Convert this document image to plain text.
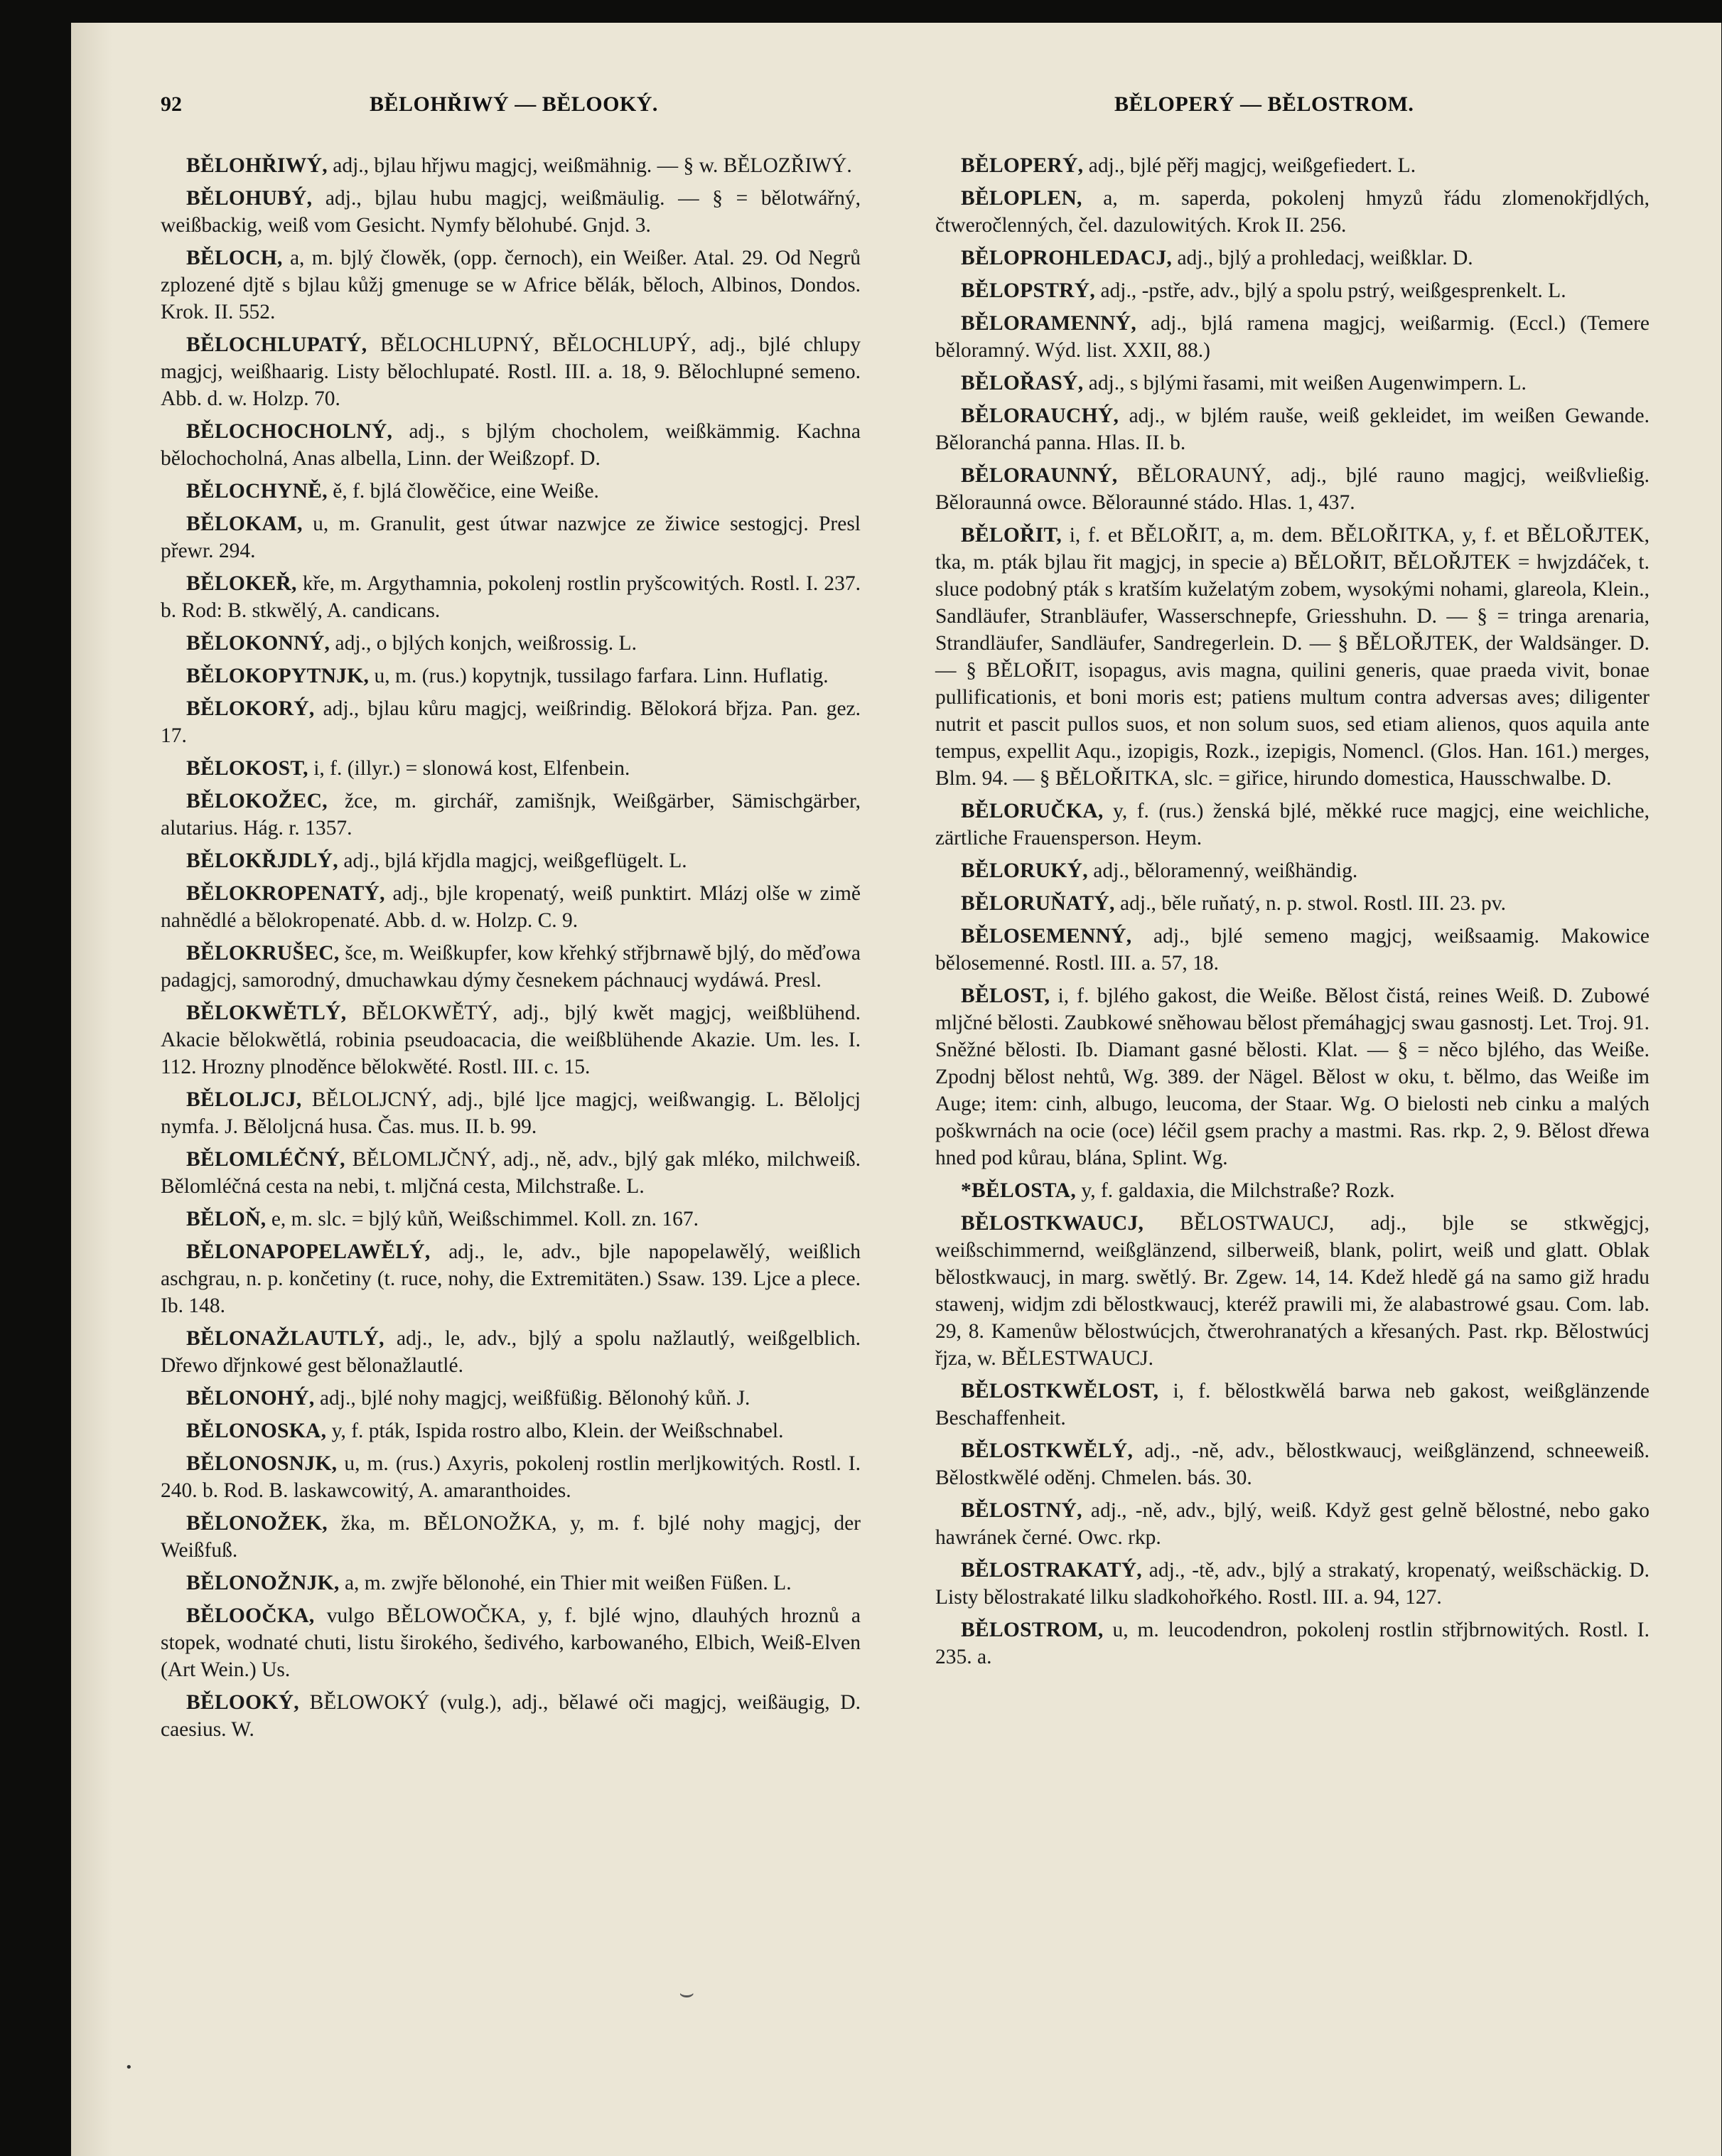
92	BĚLOHŘIWÝ — BĚLOOKÝ.	BĚLOPERÝ — BĚLOSTROM.

BĚLOHŘIWÝ, adj., bjlau hřjwu magjcj, weißmähnig. — § w. BĚLOZŘIWÝ.

BĚLOHUBÝ, adj., bjlau hubu magjcj, weißmäulig. — § = bělotwářný, weißbackig, weiß vom Gesicht. Nymfy bělohubé. Gnjd. 3.

BĚLOCH, a, m. bjlý člowěk, (opp. černoch), ein Weißer. Atal. 29. Od Negrů zplozené djtě s bjlau kůžj gmenuge se w Africe bělák, běloch, Albinos, Dondos. Krok. II. 552.

BĚLOCHLUPATÝ, BĚLOCHLUPNÝ, BĚLOCHLUPÝ, adj., bjlé chlupy magjcj, weißhaarig. Listy bělochlupaté. Rostl. III. a. 18, 9. Bělochlupné semeno. Abb. d. w. Holzp. 70.

BĚLOCHOCHOLNÝ, adj., s bjlým chocholem, weißkämmig. Kachna bělochocholná, Anas albella, Linn. der Weißzopf. D.

BĚLOCHYNĚ, ě, f. bjlá člowěčice, eine Weiße.

BĚLOKAM, u, m. Granulit, gest útwar nazwjce ze žiwice sestogjcj. Presl přewr. 294.

BĚLOKEŘ, kře, m. Argythamnia, pokolenj rostlin pryšcowitých. Rostl. I. 237. b. Rod: B. stkwělý, A. candicans.

BĚLOKONNÝ, adj., o bjlých konjch, weißrossig. L.

BĚLOKOPYTNJK, u, m. (rus.) kopytnjk, tussilago farfara. Linn. Huflatig.

BĚLOKORÝ, adj., bjlau kůru magjcj, weißrindig. Bělokorá břjza. Pan. gez. 17.

BĚLOKOST, i, f. (illyr.) = slonowá kost, Elfenbein.

BĚLOKOŽEC, žce, m. girchář, zamišnjk, Weißgärber, Sämischgärber, alutarius. Hág. r. 1357.

BĚLOKŘJDLÝ, adj., bjlá křjdla magjcj, weißgeflügelt. L.

BĚLOKROPENATÝ, adj., bjle kropenatý, weiß punktirt. Mlázj olše w zimě nahnědlé a bělokropenaté. Abb. d. w. Holzp. C. 9.

BĚLOKRUŠEC, šce, m. Weißkupfer, kow křehký střjbrnawě bjlý, do měďowa padagjcj, samorodný, dmuchawkau dýmy česnekem páchnaucj wydáwá. Presl.

BĚLOKWĚTLÝ, BĚLOKWĚTÝ, adj., bjlý kwět magjcj, weißblühend. Akacie bělokwětlá, robinia pseudoacacia, die weißblühende Akazie. Um. les. I. 112. Hrozny plnoděnce bělokwěté. Rostl. III. c. 15.

BĚLOLJCJ, BĚLOLJCNÝ, adj., bjlé ljce magjcj, weißwangig. L. Běloljcj nymfa. J. Běloljcná husa. Čas. mus. II. b. 99.

BĚLOMLÉČNÝ, BĚLOMLJČNÝ, adj., ně, adv., bjlý gak mléko, milchweiß. Bělomléčná cesta na nebi, t. mljčná cesta, Milchstraße. L.

BĚLOŇ, e, m. slc. = bjlý kůň, Weißschimmel. Koll. zn. 167.

BĚLONAPOPELAWĚLÝ, adj., le, adv., bjle napopelawělý, weißlich aschgrau, n. p. končetiny (t. ruce, nohy, die Extremitäten.) Ssaw. 139. Ljce a plece. Ib. 148.

BĚLONAŽLAUTLÝ, adj., le, adv., bjlý a spolu nažlautlý, weißgelblich. Dřewo dřjnkowé gest bělonažlautlé.

BĚLONOHÝ, adj., bjlé nohy magjcj, weißfüßig. Bělonohý kůň. J.

BĚLONOSKA, y, f. pták, Ispida rostro albo, Klein. der Weißschnabel.

BĚLONOSNJK, u, m. (rus.) Axyris, pokolenj rostlin merljkowitých. Rostl. I. 240. b. Rod. B. laskawcowitý, A. amaranthoides.

BĚLONOŽEK, žka, m. BĚLONOŽKA, y, m. f. bjlé nohy magjcj, der Weißfuß.

BĚLONOŽNJK, a, m. zwjře bělonohé, ein Thier mit weißen Füßen. L.

BĚLOOČKA, vulgo BĚLOWOČKA, y, f. bjlé wjno, dlauhých hroznů a stopek, wodnaté chuti, listu širokého, šedivého, karbowaného, Elbich, Weiß-Elven (Art Wein.) Us.

BĚLOOKÝ, BĚLOWOKÝ (vulg.), adj., bělawé oči magjcj, weißäugig, D. caesius. W.

BĚLOPERÝ, adj., bjlé pěřj magjcj, weißgefiedert. L.

BĚLOPLEN, a, m. saperda, pokolenj hmyzů řádu zlomenokřjdlých, čtweročlenných, čel. dazulowitých. Krok II. 256.

BĚLOPROHLEDACJ, adj., bjlý a prohledacj, weißklar. D.

BĚLOPSTRÝ, adj., -pstře, adv., bjlý a spolu pstrý, weißgesprenkelt. L.

BĚLORAMENNÝ, adj., bjlá ramena magjcj, weißarmig. (Eccl.) (Temere běloramný. Wýd. list. XXII, 88.)

BĚLOŘASÝ, adj., s bjlými řasami, mit weißen Augenwimpern. L.

BĚLORAUCHÝ, adj., w bjlém rauše, weiß gekleidet, im weißen Gewande. Běloranchá panna. Hlas. II. b.

BĚLORAUNNÝ, BĚLORAUNÝ, adj., bjlé rauno magjcj, weißvließig. Běloraunná owce. Běloraunné stádo. Hlas. 1, 437.

BĚLOŘIT, i, f. et BĚLOŘIT, a, m. dem. BĚLOŘITKA, y, f. et BĚLOŘJTEK, tka, m. pták bjlau řit magjcj, in specie a) BĚLOŘIT, BĚLOŘJTEK = hwjzdáček, t. sluce podobný pták s kratším kuželatým zobem, wysokými nohami, glareola, Klein., Sandläufer, Stranbläufer, Wasserschnepfe, Griesshuhn. D. — § = tringa arenaria, Strandläufer, Sandläufer, Sandregerlein. D. — § BĚLOŘJTEK, der Waldsänger. D. — § BĚLOŘIT, isopagus, avis magna, quilini generis, quae praeda vivit, bonae pullificationis, et boni moris est; patiens multum contra adversas aves; diligenter nutrit et pascit pullos suos, et non solum suos, sed etiam alienos, quos aquila ante tempus, expellit Aqu., izopigis, Rozk., izepigis, Nomencl. (Glos. Han. 161.) merges, Blm. 94. — § BĚLOŘITKA, slc. = giřice, hirundo domestica, Hausschwalbe. D.

BĚLORUČKA, y, f. (rus.) ženská bjlé, měkké ruce magjcj, eine weichliche, zärtliche Frauensperson. Heym.

BĚLORUKÝ, adj., běloramenný, weißhändig.

BĚLORUŇATÝ, adj., běle ruňatý, n. p. stwol. Rostl. III. 23. pv.

BĚLOSEMENNÝ, adj., bjlé semeno magjcj, weißsaamig. Makowice bělosemenné. Rostl. III. a. 57, 18.

BĚLOST, i, f. bjlého gakost, die Weiße. Bělost čistá, reines Weiß. D. Zubowé mljčné bělosti. Zaubkowé sněhowau bělost přemáhagjcj swau gasnostj. Let. Troj. 91. Sněžné bělosti. Ib. Diamant gasné bělosti. Klat. — § = něco bjlého, das Weiße. Zpodnj bělost nehtů, Wg. 389. der Nägel. Bělost w oku, t. bělmo, das Weiße im Auge; item: cinh, albugo, leucoma, der Staar. Wg. O bielosti neb cinku a malých poškwrnách na ocie (oce) léčil gsem prachy a mastmi. Ras. rkp. 2, 9. Bělost dřewa hned pod kůrau, blána, Splint. Wg.

*BĚLOSTA, y, f. galdaxia, die Milchstraße? Rozk.

BĚLOSTKWAUCJ, BĚLOSTWAUCJ, adj., bjle se stkwěgjcj, weißschimmernd, weißglänzend, silberweiß, blank, polirt, weiß und glatt. Oblak bělostkwaucj, in marg. swětlý. Br. Zgew. 14, 14. Kdež hledě gá na samo giž hradu stawenj, widjm zdi bělostkwaucj, kteréž prawili mi, že alabastrowé gsau. Com. lab. 29, 8. Kamenůw bělostwúcjch, čtwerohranatých a křesaných. Past. rkp. Bělostwúcj řjza, w. BĚLESTWAUCJ.

BĚLOSTKWĚLOST, i, f. bělostkwělá barwa neb gakost, weißglänzende Beschaffenheit.

BĚLOSTKWĚLÝ, adj., -ně, adv., bělostkwaucj, weißglänzend, schneeweiß. Bělostkwělé oděnj. Chmelen. bás. 30.

BĚLOSTNÝ, adj., -ně, adv., bjlý, weiß. Když gest gelně bělostné, nebo gako hawránek černé. Owc. rkp.

BĚLOSTRAKATÝ, adj., -tě, adv., bjlý a strakatý, kropenatý, weißschäckig. D. Listy bělostrakaté lilku sladkohořkého. Rostl. III. a. 94, 127.

BĚLOSTROM, u, m. leucodendron, pokolenj rostlin střjbrnowitých. Rostl. I. 235. a.

⌣
•
